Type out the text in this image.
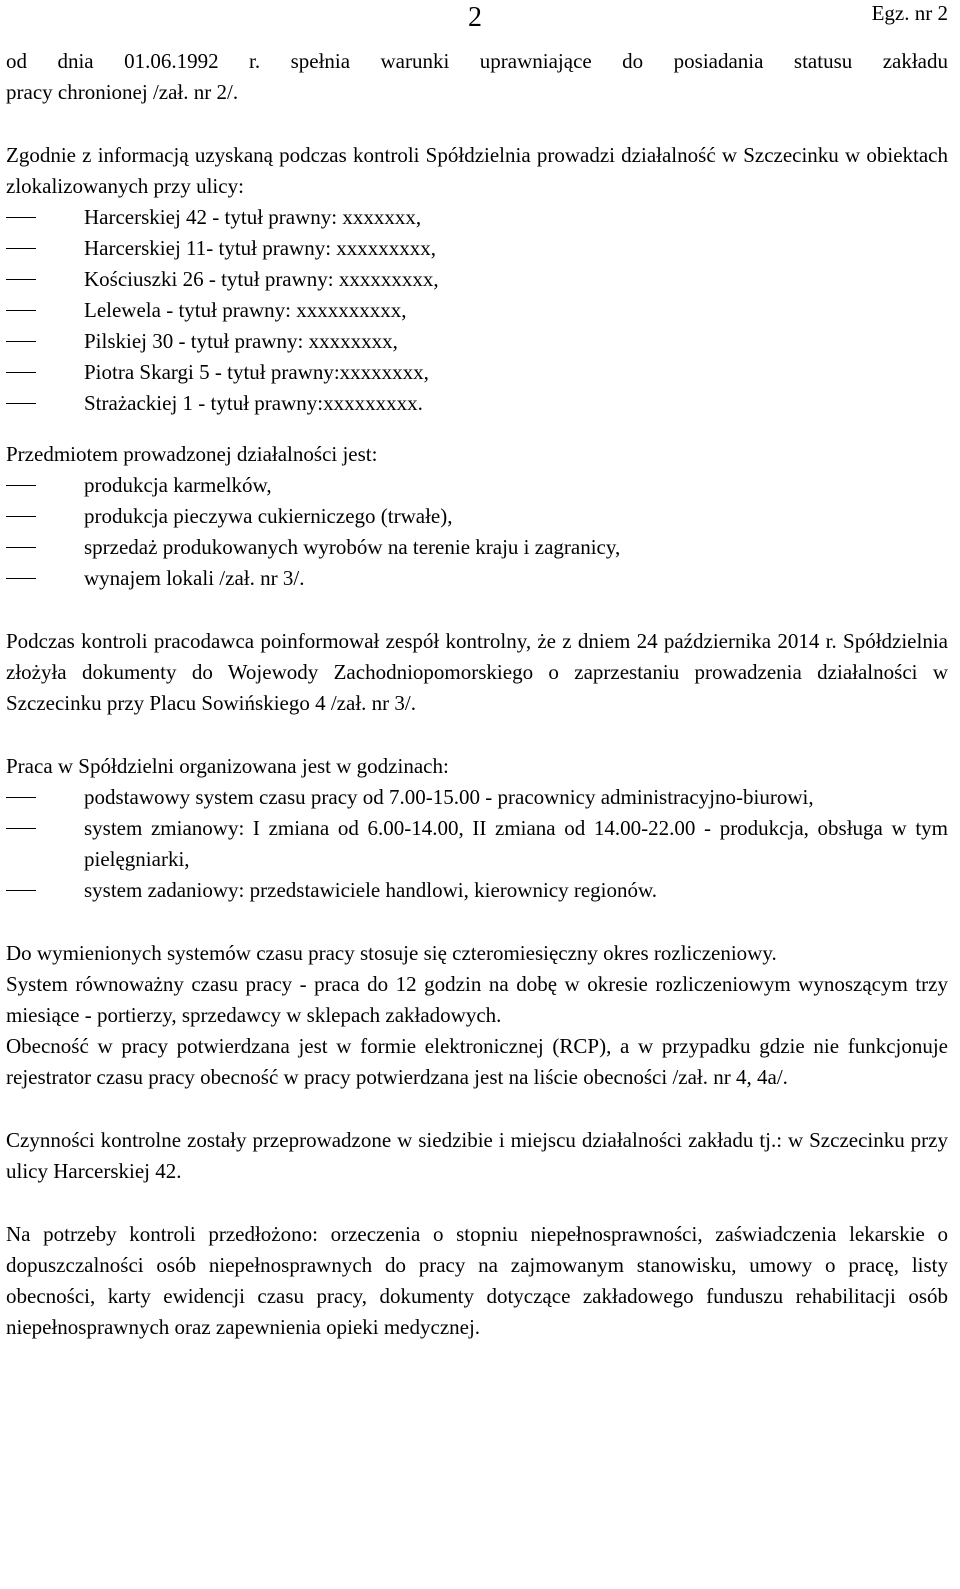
2	Egz. nr 2

od dnia 01.06.1992 r. spełnia warunki uprawniające do posiadania statusu zakładu

pracy chronionej /zał. nr 2/.

Zgodnie z informacją uzyskaną podczas kontroli Spółdzielnia prowadzi działalność w Szczecinku w obiektach zlokalizowanych przy ulicy:

Harcerskiej 42 - tytuł prawny: xxxxxxx,
Harcerskiej 11- tytuł prawny: xxxxxxxxx,
Kościuszki 26 - tytuł prawny: xxxxxxxxx,
Lelewela - tytuł prawny: xxxxxxxxxx,
Pilskiej 30 - tytuł prawny: xxxxxxxx,
Piotra Skargi 5 - tytuł prawny:xxxxxxxx,
Strażackiej 1 - tytuł prawny:xxxxxxxxx.

Przedmiotem prowadzonej działalności jest:

produkcja karmelków,
produkcja pieczywa cukierniczego (trwałe),
sprzedaż produkowanych wyrobów na terenie kraju i zagranicy,
wynajem lokali /zał. nr 3/.

Podczas kontroli pracodawca poinformował zespół kontrolny, że z dniem 24 października 2014 r. Spółdzielnia złożyła dokumenty do Wojewody Zachodniopomorskiego o zaprzestaniu prowadzenia działalności w Szczecinku przy Placu Sowińskiego 4 /zał. nr 3/.

Praca w Spółdzielni organizowana jest w godzinach:

podstawowy system czasu pracy od 7.00-15.00 - pracownicy administracyjno-biurowi,
system zmianowy: I zmiana od 6.00-14.00, II zmiana od 14.00-22.00 - produkcja, obsługa w tym pielęgniarki,
system zadaniowy: przedstawiciele handlowi, kierownicy regionów.

Do wymienionych systemów czasu pracy stosuje się czteromiesięczny okres rozliczeniowy.

System równoważny czasu pracy - praca do 12 godzin na dobę w okresie rozliczeniowym wynoszącym trzy miesiące - portierzy, sprzedawcy w sklepach zakładowych.

Obecność w pracy potwierdzana jest w formie elektronicznej (RCP), a w przypadku gdzie nie funkcjonuje rejestrator czasu pracy obecność w pracy potwierdzana jest na liście obecności /zał. nr 4, 4a/.

Czynności kontrolne zostały przeprowadzone w siedzibie i miejscu działalności zakładu tj.: w Szczecinku przy ulicy Harcerskiej 42.

Na potrzeby kontroli przedłożono: orzeczenia o stopniu niepełnosprawności, zaświadczenia lekarskie o dopuszczalności osób niepełnosprawnych do pracy na zajmowanym stanowisku, umowy o pracę, listy obecności, karty ewidencji czasu pracy, dokumenty dotyczące zakładowego funduszu rehabilitacji osób niepełnosprawnych oraz zapewnienia opieki medycznej.
